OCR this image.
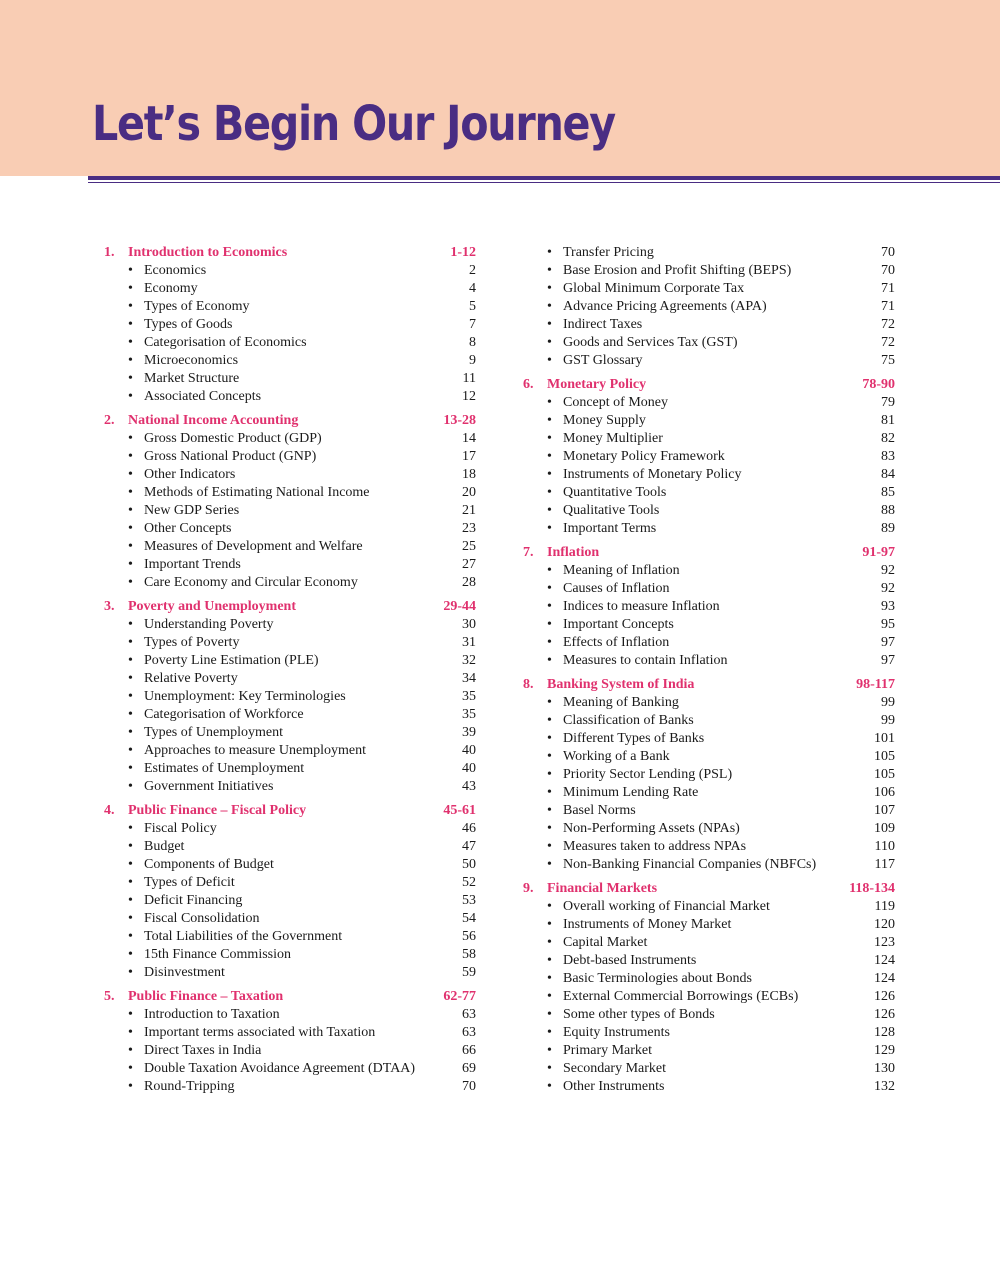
Let’s Begin Our Journey
1. Introduction to Economics	1-12
• Economics	2
• Economy	4
• Types of Economy	5
• Types of Goods	7
• Categorisation of Economics	8
• Microeconomics	9
• Market Structure	11
• Associated Concepts	12
2. National Income Accounting	13-28
• Gross Domestic Product (GDP)	14
• Gross National Product (GNP)	17
• Other Indicators	18
• Methods of Estimating National Income	20
• New GDP Series	21
• Other Concepts	23
• Measures of Development and Welfare	25
• Important Trends	27
• Care Economy and Circular Economy	28
3. Poverty and Unemployment	29-44
• Understanding Poverty	30
• Types of Poverty	31
• Poverty Line Estimation (PLE)	32
• Relative Poverty	34
• Unemployment: Key Terminologies	35
• Categorisation of Workforce	35
• Types of Unemployment	39
• Approaches to measure Unemployment	40
• Estimates of Unemployment	40
• Government Initiatives	43
4. Public Finance – Fiscal Policy	45-61
• Fiscal Policy	46
• Budget	47
• Components of Budget	50
• Types of Deficit	52
• Deficit Financing	53
• Fiscal Consolidation	54
• Total Liabilities of the Government	56
• 15th Finance Commission	58
• Disinvestment	59
5. Public Finance – Taxation	62-77
• Introduction to Taxation	63
• Important terms associated with Taxation	63
• Direct Taxes in India	66
• Double Taxation Avoidance Agreement (DTAA)	69
• Round-Tripping	70
• Transfer Pricing	70
• Base Erosion and Profit Shifting (BEPS)	70
• Global Minimum Corporate Tax	71
• Advance Pricing Agreements (APA)	71
• Indirect Taxes	72
• Goods and Services Tax (GST)	72
• GST Glossary	75
6. Monetary Policy	78-90
• Concept of Money	79
• Money Supply	81
• Money Multiplier	82
• Monetary Policy Framework	83
• Instruments of Monetary Policy	84
• Quantitative Tools	85
• Qualitative Tools	88
• Important Terms	89
7. Inflation	91-97
• Meaning of Inflation	92
• Causes of Inflation	92
• Indices to measure Inflation	93
• Important Concepts	95
• Effects of Inflation	97
• Measures to contain Inflation	97
8. Banking System of India	98-117
• Meaning of Banking	99
• Classification of Banks	99
• Different Types of Banks	101
• Working of a Bank	105
• Priority Sector Lending (PSL)	105
• Minimum Lending Rate	106
• Basel Norms	107
• Non-Performing Assets (NPAs)	109
• Measures taken to address NPAs	110
• Non-Banking Financial Companies (NBFCs)	117
9. Financial Markets	118-134
• Overall working of Financial Market	119
• Instruments of Money Market	120
• Capital Market	123
• Debt-based Instruments	124
• Basic Terminologies about Bonds	124
• External Commercial Borrowings (ECBs)	126
• Some other types of Bonds	126
• Equity Instruments	128
• Primary Market	129
• Secondary Market	130
• Other Instruments	132
